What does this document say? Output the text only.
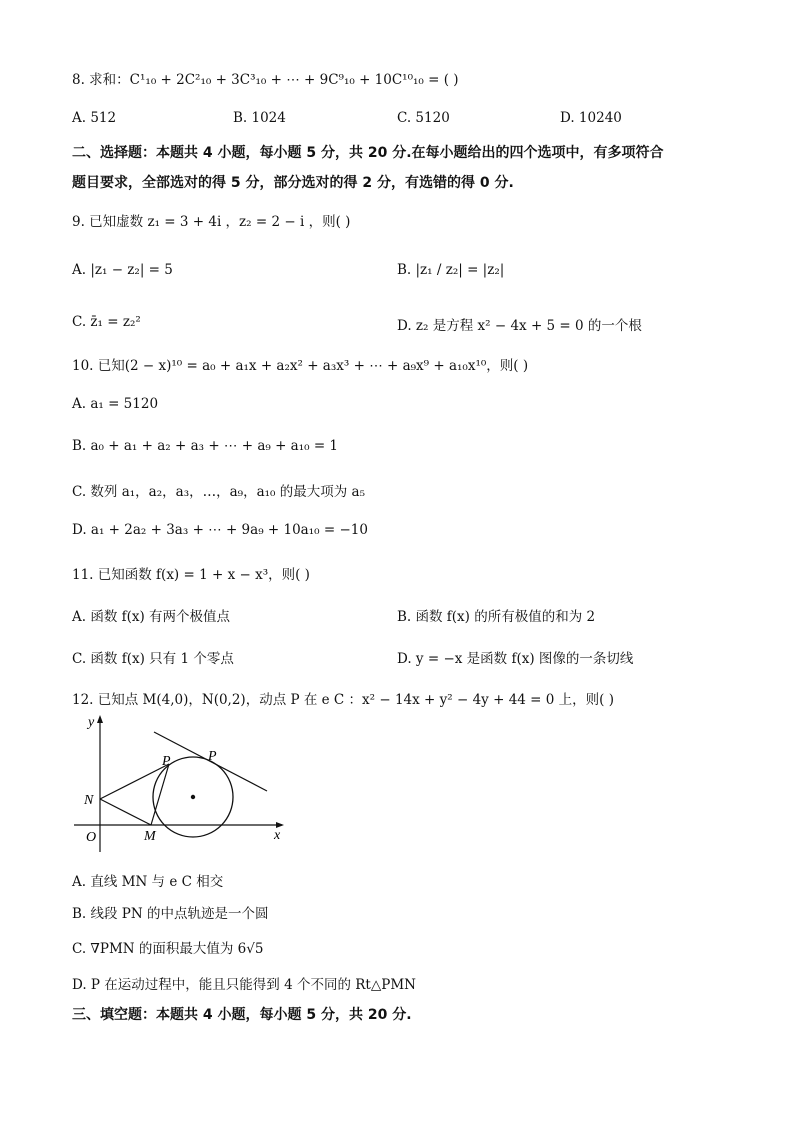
8. 求和：C¹₁₀ + 2C²₁₀ + 3C³₁₀ + ⋯ + 9C⁹₁₀ + 10C¹⁰₁₀ = ( )
A. 512	B. 1024	C. 5120	D. 10240
二、选择题：本题共 4 小题，每小题 5 分，共 20 分.在每小题给出的四个选项中，有多项符合
题目要求，全部选对的得 5 分，部分选对的得 2 分，有选错的得 0 分.
9. 已知虚数 z₁ = 3 + 4i ，z₂ = 2 − i ，则( )
A. |z₁ − z₂| = 5	B. |z₁ / z₂| = |z₂|
C. z̄₁ = z₂²	D. z₂ 是方程 x² − 4x + 5 = 0 的一个根
10. 已知(2 − x)¹⁰ = a₀ + a₁x + a₂x² + a₃x³ + ⋯ + a₉x⁹ + a₁₀x¹⁰，则( )
A. a₁ = 5120
B. a₀ + a₁ + a₂ + a₃ + ⋯ + a₉ + a₁₀ = 1
C. 数列 a₁，a₂，a₃，…，a₉，a₁₀ 的最大项为 a₅
D. a₁ + 2a₂ + 3a₃ + ⋯ + 9a₉ + 10a₁₀ = −10
11. 已知函数 f(x) = 1 + x − x³，则( )
A. 函数 f(x) 有两个极值点	B. 函数 f(x) 的所有极值的和为 2
C. 函数 f(x) 只有 1 个零点	D. y = −x 是函数 f(x) 图像的一条切线
12. 已知点 M(4,0)，N(0,2)，动点 P 在 e C ：x² − 14x + y² − 4y + 44 = 0 上，则( )
y
x
O
N
M
P	P
A. 直线 MN 与 e C 相交
B. 线段 PN 的中点轨迹是一个圆
C. ∇PMN 的面积最大值为 6√5
D. P 在运动过程中，能且只能得到 4 个不同的 Rt△PMN
三、填空题：本题共 4 小题，每小题 5 分，共 20 分.
